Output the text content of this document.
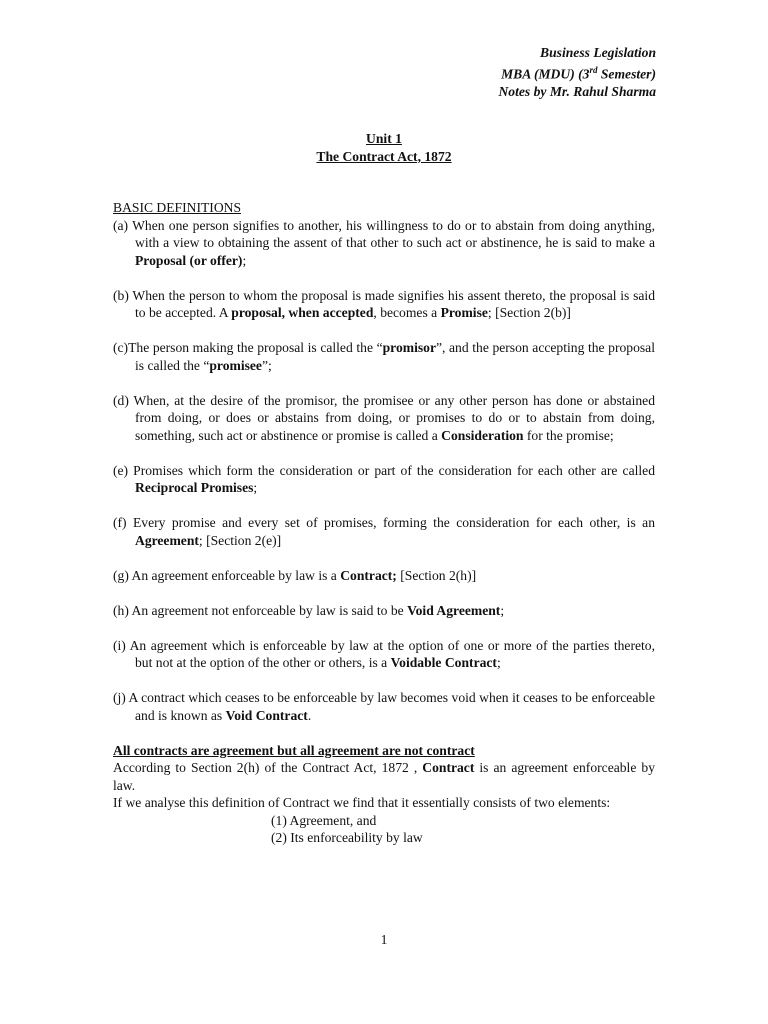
Business Legislation
MBA (MDU) (3rd Semester)
Notes by Mr. Rahul Sharma
Unit 1
The Contract Act, 1872
BASIC DEFINITIONS

(a) When one person signifies to another, his willingness to do or to abstain from doing anything, with a view to obtaining the assent of that other to such act or abstinence, he is said to make a Proposal (or offer);

(b) When the person to whom the proposal is made signifies his assent thereto, the proposal is said to be accepted. A proposal, when accepted, becomes a Promise; [Section 2(b)]

(c)The person making the proposal is called the “promisor”, and the person accepting the proposal is called the “promisee”;

(d) When, at the desire of the promisor, the promisee or any other person has done or abstained from doing, or does or abstains from doing, or promises to do or to abstain from doing, something, such act or abstinence or promise is called a Consideration for the promise;

(e) Promises which form the consideration or part of the consideration for each other are called Reciprocal Promises;

(f) Every promise and every set of promises, forming the consideration for each other, is an Agreement; [Section 2(e)]

(g) An agreement enforceable by law is a Contract; [Section 2(h)]

(h) An agreement not enforceable by law is said to be Void Agreement;

(i) An agreement which is enforceable by law at the option of one or more of the parties thereto, but not at the option of the other or others, is a Voidable Contract;

(j) A contract which ceases to be enforceable by law becomes void when it ceases to be enforceable and is known as Void Contract.

All contracts are agreement but all agreement are not contract

According to Section 2(h) of the Contract Act, 1872 , Contract is an agreement enforceable by law.

If we analyse this definition of Contract we find that it essentially consists of two elements:

(1) Agreement, and
(2) Its enforceability by law
1
